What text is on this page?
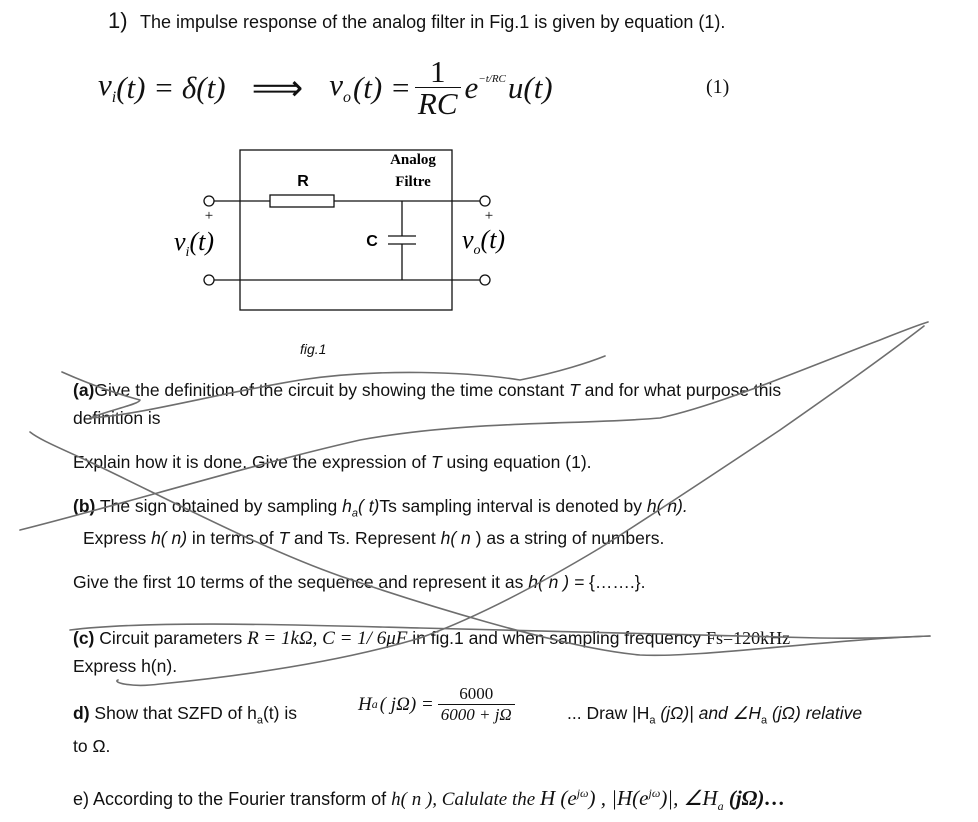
1) The impulse response of the analog filter in Fig.1 is given by equation (1).
$v_i$ (t) = δ(t) ⟹ $v_o$ $(t) = \frac{1}{RC} e^{-t/RC}$ u(t)	(1)
Analog
Filtre
R
C
+	+
$v_i(t)$	$v_o(t)$
fig.1
(a)Give the definition of the circuit by showing the time constant T and for what purpose this
definition is
Explain how it is done. Give the expression of T using equation (1).
(b) The sign obtained by sampling $h_a$( t)Ts sampling interval is denoted by h( n).
Express h( n) in terms of T and Ts. Represent h( n ) as a string of numbers.
Give the first 10 terms of the sequence and represent it as h( n ) = {…….}.
(c) Circuit parameters R = 1kΩ, C = 1/ 6μF in fig.1 and when sampling frequency Fs=120kHz
Express h(n).
d) Show that SZFD of $h_a(t)$ is	H a ( $j\Omega) = \frac{6000}{6000 + j\Omega}$	... Draw $|H_a$ (jΩ)| and $\angle H_a$ (jΩ) relative
to Ω.
e) According to the Fourier transform of h( n ), Calulate the H $(e^{j\omega})$ , $|H(e^{j\omega})|$, $\angle H_a$ (jΩ)…
